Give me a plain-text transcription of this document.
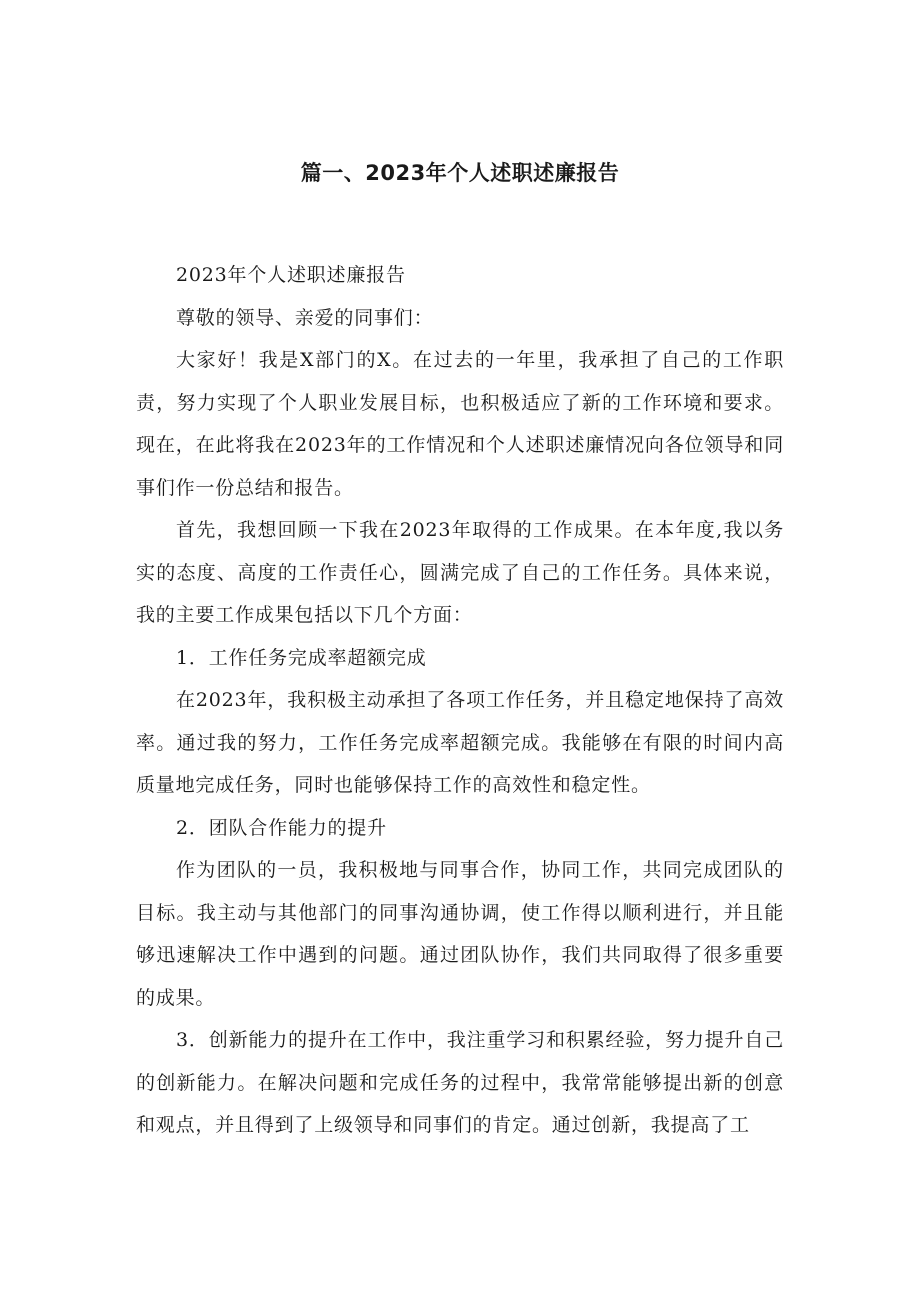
篇一、2023年个人述职述廉报告

2023年个人述职述廉报告

尊敬的领导、亲爱的同事们：

大家好！我是X部门的X。在过去的一年里，我承担了自己的工作职责，努力实现了个人职业发展目标，也积极适应了新的工作环境和要求。现在，在此将我在2023年的工作情况和个人述职述廉情况向各位领导和同事们作一份总结和报告。

首先，我想回顾一下我在2023年取得的工作成果。在本年度,我以务实的态度、高度的工作责任心，圆满完成了自己的工作任务。具体来说，我的主要工作成果包括以下几个方面：

1．工作任务完成率超额完成

在2023年，我积极主动承担了各项工作任务，并且稳定地保持了高效率。通过我的努力，工作任务完成率超额完成。我能够在有限的时间内高质量地完成任务，同时也能够保持工作的高效性和稳定性。

2．团队合作能力的提升

作为团队的一员，我积极地与同事合作，协同工作，共同完成团队的目标。我主动与其他部门的同事沟通协调，使工作得以顺利进行，并且能够迅速解决工作中遇到的问题。通过团队协作，我们共同取得了很多重要的成果。

3．创新能力的提升在工作中，我注重学习和积累经验，努力提升自己的创新能力。在解决问题和完成任务的过程中，我常常能够提出新的创意和观点，并且得到了上级领导和同事们的肯定。通过创新，我提高了工
